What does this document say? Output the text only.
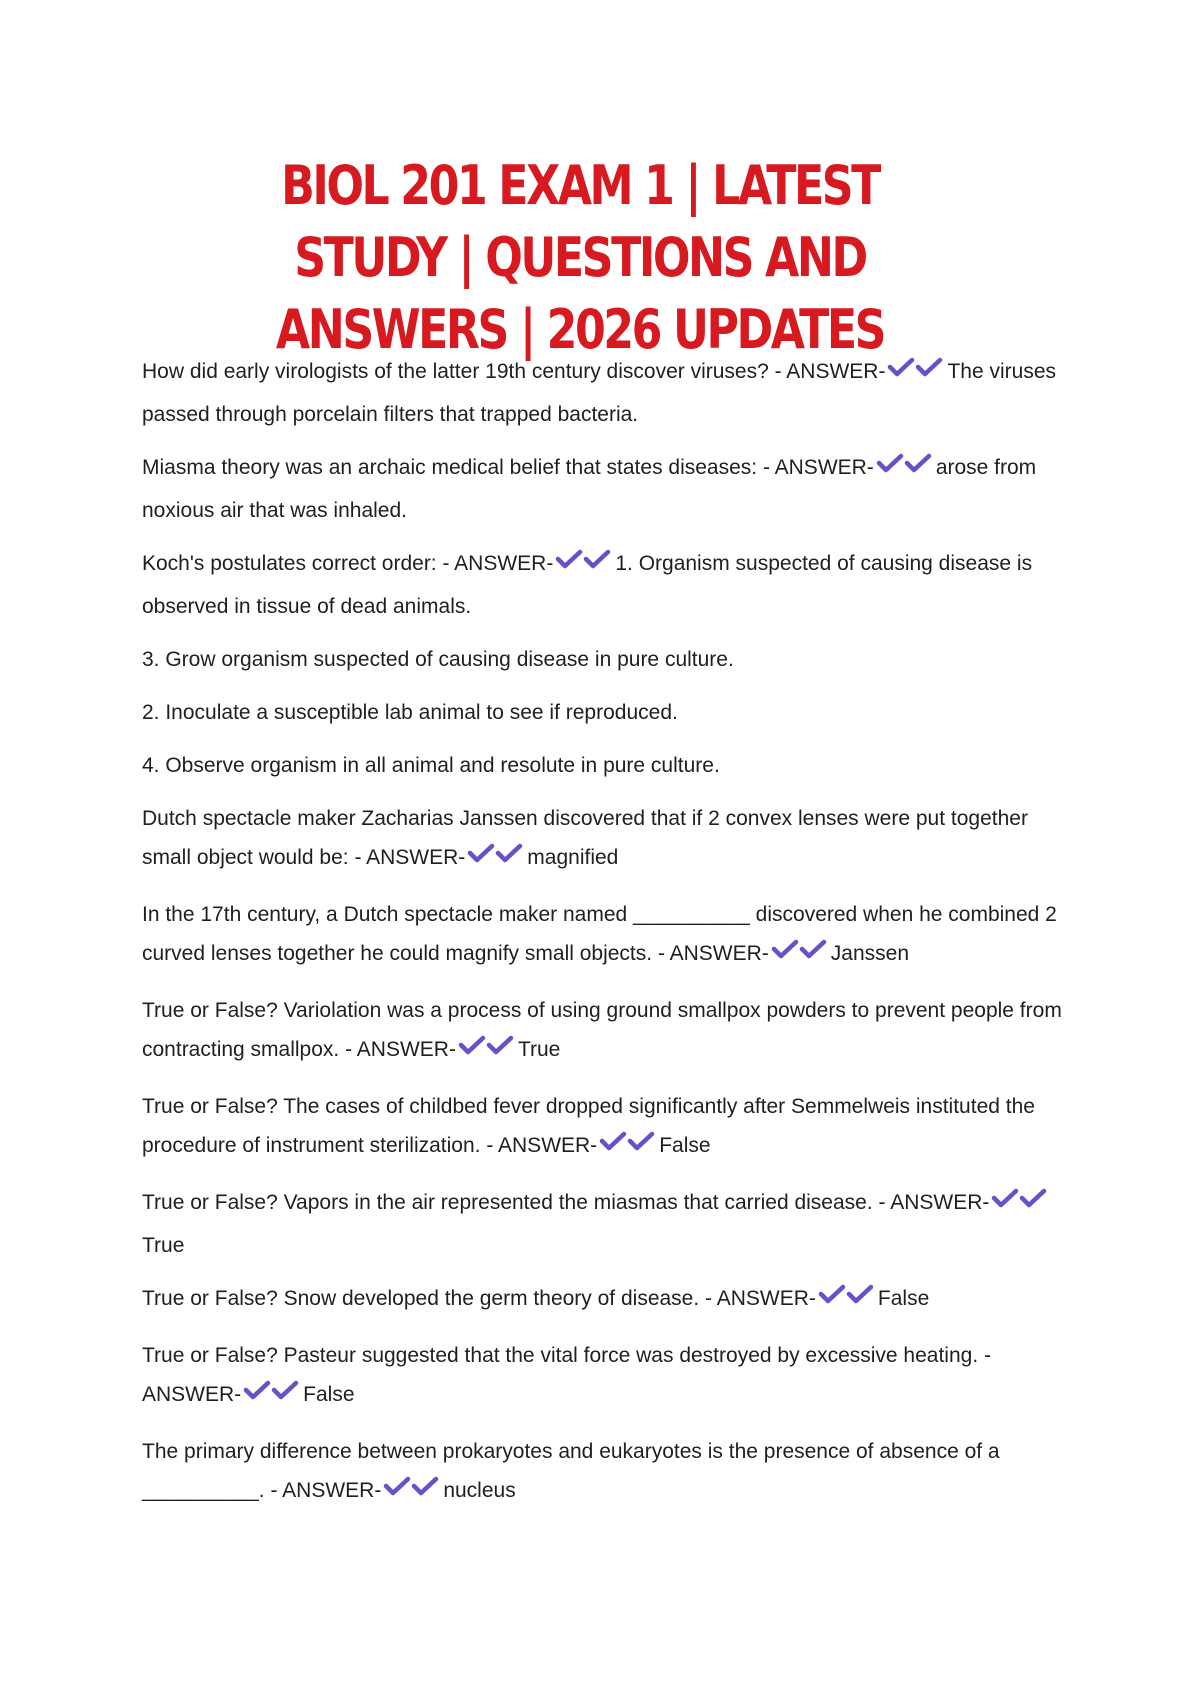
BIOL 201 EXAM 1 | LATEST STUDY | QUESTIONS AND
ANSWERS | 2026 UPDATES

How did early virologists of the latter 19th century discover viruses? - ANSWER-	The viruses passed through porcelain filters that trapped bacteria.

Miasma theory was an archaic medical belief that states diseases: - ANSWER-	arose from noxious air that was inhaled.

Koch's postulates correct order: - ANSWER-	1. Organism suspected of causing disease is observed in tissue of dead animals.

3. Grow organism suspected of causing disease in pure culture.

2. Inoculate a susceptible lab animal to see if reproduced.

4. Observe organism in all animal and resolute in pure culture.

Dutch spectacle maker Zacharias Janssen discovered that if 2 convex lenses were put together small object would be: - ANSWER-	magnified

In the 17th century, a Dutch spectacle maker named __________ discovered when he combined 2 curved lenses together he could magnify small objects. - ANSWER-	Janssen

True or False? Variolation was a process of using ground smallpox powders to prevent people from contracting smallpox. - ANSWER-	True

True or False? The cases of childbed fever dropped significantly after Semmelweis instituted the procedure of instrument sterilization. - ANSWER-	False

True or False? Vapors in the air represented the miasmas that carried disease. - ANSWER-
True

True or False? Snow developed the germ theory of disease. - ANSWER-	False

True or False? Pasteur suggested that the vital force was destroyed by excessive heating. - ANSWER-	False

The primary difference between prokaryotes and eukaryotes is the presence of absence of a __________. - ANSWER-	nucleus
